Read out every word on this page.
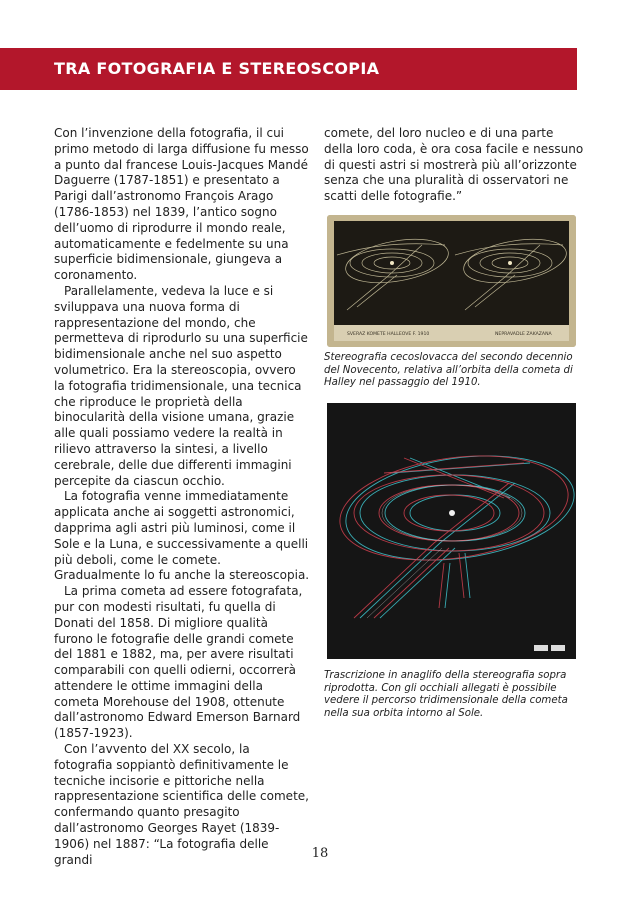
TRA FOTOGRAFIA E STEREOSCOPIA

Con l’invenzione della fotografia, il cui primo metodo di larga diffusione fu messo a punto dal francese Louis-Jacques Mandé Daguerre (1787-1851) e presentato a Parigi dall’astronomo François Arago (1786-1853) nel 1839, l’antico sogno dell’uomo di riprodurre il mondo reale, automaticamente e fedelmente su una superficie bidimensionale, giungeva a coronamento.

Parallelamente, vedeva la luce e si sviluppava una nuova forma di rappresentazione del mondo, che permetteva di riprodurlo su una superficie bidimensionale anche nel suo aspetto volumetrico. Era la stereoscopia, ovvero la fotografia tridimensionale, una tecnica che riproduce le proprietà della binocularità della visione umana, grazie alle quali possiamo vedere la realtà in rilievo attraverso la sintesi, a livello cerebrale, delle due differenti immagini percepite da ciascun occhio.

La fotografia venne immediatamente applicata anche ai soggetti astronomici, dapprima agli astri più luminosi, come il Sole e la Luna, e successivamente a quelli più deboli, come le comete. Gradualmente lo fu anche la stereoscopia.

La prima cometa ad essere fotografata, pur con modesti risultati, fu quella di Donati del 1858. Di migliore qualità furono le fotografie delle grandi comete del 1881 e 1882, ma, per avere risultati comparabili con quelli odierni, occorrerà attendere le ottime immagini della cometa Morehouse del 1908, ottenute dall’astronomo Edward Emerson Barnard (1857-1923).

Con l’avvento del XX secolo, la fotografia soppiantò definitivamente le tecniche incisorie e pittoriche nella rappresentazione scientifica delle comete, confermando quanto presagito dall’astronomo Georges Rayet (1839-1906) nel 1887: “La fotografia delle grandi

comete, del loro nucleo e di una parte della loro coda, è ora cosa facile e nessuno di questi astri si mostrerà più all’orizzonte senza che una pluralità di osservatori ne scatti delle fotografie.”

SVERAZ KOMETE HALLEOVE F. 1910	NEPRAVADLE ZAKAZANA
Stereografia cecoslovacca del secondo decennio del Novecento, relativa all’orbita della cometa di Halley nel passaggio del 1910.
Trascrizione in anaglifo della stereografia sopra riprodotta. Con gli occhiali allegati è possibile vedere il percorso tridimensionale della cometa nella sua orbita intorno al Sole.
18
